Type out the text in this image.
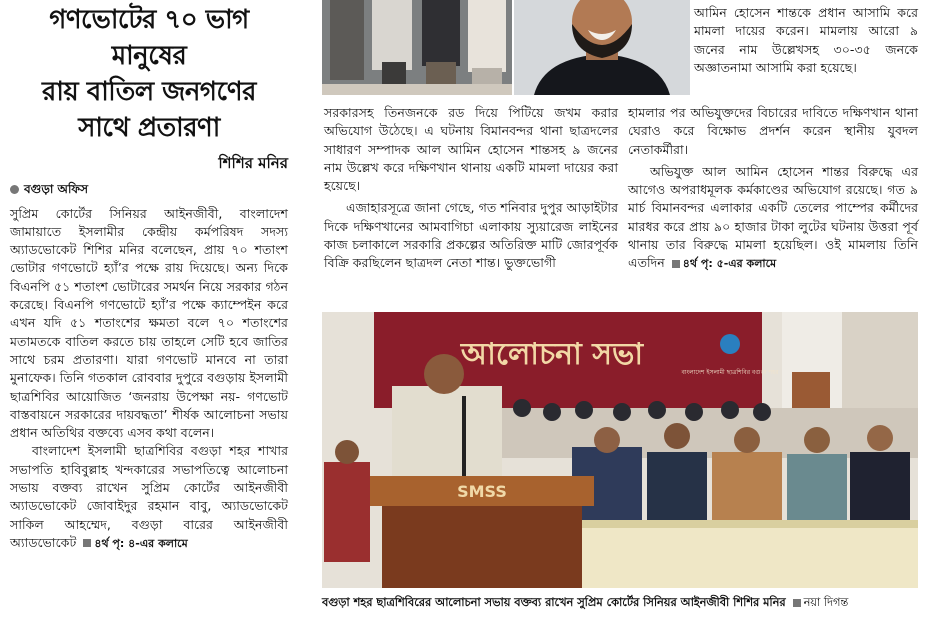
গণভোটের ৭০ ভাগ মানুষের
রায় বাতিল জনগণের
সাথে প্রতারণা
শিশির মনির
বগুড়া অফিস

সুপ্রিম কোর্টের সিনিয়র আইনজীবী, বাংলাদেশ জামায়াতে ইসলামীর কেন্দ্রীয় কর্মপরিষদ সদস্য অ্যাডভোকেট শিশির মনির বলেছেন, প্রায় ৭০ শতাংশ ভোটার গণভোটে হ্যাঁ’র পক্ষে রায় দিয়েছে। অন্য দিকে বিএনপি ৫১ শতাংশ ভোটারের সমর্থন নিয়ে সরকার গঠন করেছে। বিএনপি গণভোটে হ্যাঁ’র পক্ষে ক্যাম্পেইন করে এখন যদি ৫১ শতাংশের ক্ষমতা বলে ৭০ শতাংশের মতামতকে বাতিল করতে চায় তাহলে সেটি হবে জাতির সাথে চরম প্রতারণা। যারা গণভোট মানবে না তারা মুনাফেক। তিনি গতকাল রোববার দুপুরে বগুড়ায় ইসলামী ছাত্রশিবির আয়োজিত ‘জনরায় উপেক্ষা নয়- গণভোট বাস্তবায়নে সরকারের দায়বদ্ধতা’ শীর্ষক আলোচনা সভায় প্রধান অতিথির বক্তব্যে এসব কথা বলেন।

বাংলাদেশ ইসলামী ছাত্রশিবির বগুড়া শহর শাখার সভাপতি হাবিবুল্লাহ খন্দকারের সভাপতিত্বে আলোচনা সভায় বক্তব্য রাখেন সুপ্রিম কোর্টের আইনজীবী অ্যাডভোকেট জোবাইদুর রহমান বাবু, অ্যাডভোকেট সাকিল আহম্মেদ, বগুড়া বারের আইনজীবী অ্যাডভোকেট ৪র্থ পৃ: ৪-এর কলামে

আমিন হোসেন শান্তকে প্রধান আসামি করে মামলা দায়ের করেন। মামলায় আরো ৯ জনের নাম উল্লেখসহ ৩০-৩৫ জনকে অজ্ঞাতনামা আসামি করা হয়েছে।

সরকারসহ তিনজনকে রড দিয়ে পিটিয়ে জখম করার অভিযোগ উঠেছে। এ ঘটনায় বিমানবন্দর থানা ছাত্রদলের সাধারণ সম্পাদক আল আমিন হোসেন শান্তসহ ৯ জনের নাম উল্লেখ করে দক্ষিণখান থানায় একটি মামলা দায়ের করা হয়েছে।

এজাহারসূত্রে জানা গেছে, গত শনিবার দুপুর আড়াইটার দিকে দক্ষিণখানের আমবাগিচা এলাকায় স্যুয়ারেজ লাইনের কাজ চলাকালে সরকারি প্রকল্পের অতিরিক্ত মাটি জোরপূর্বক বিক্রি করছিলেন ছাত্রদল নেতা শান্ত। ভুক্তভোগী

হামলার পর অভিযুক্তদের বিচারের দাবিতে দক্ষিণখান থানা ঘেরাও করে বিক্ষোভ প্রদর্শন করেন স্থানীয় যুবদল নেতাকর্মীরা।

অভিযুক্ত আল আমিন হোসেন শান্তর বিরুদ্ধে এর আগেও অপরাধমূলক কর্মকাণ্ডের অভিযোগ রয়েছে। গত ৯ মার্চ বিমানবন্দর এলাকার একটি তেলের পাম্পের কর্মীদের মারধর করে প্রায় ৯০ হাজার টাকা লুটের ঘটনায় উত্তরা পূর্ব থানায় তার বিরুদ্ধে মামলা হয়েছিল। ওই মামলায় তিনি এতদিন ৪র্থ পৃ: ৫-এর কলামে

আলোচনা সভা
বাংলাদেশ ইসলামী ছাত্রশিবির বগুড়া শহর
SMSS
বগুড়া শহর ছাত্রশিবিরের আলোচনা সভায় বক্তব্য রাখেন সুপ্রিম কোর্টের সিনিয়র আইনজীবী শিশির মনির নয়া দিগন্ত
